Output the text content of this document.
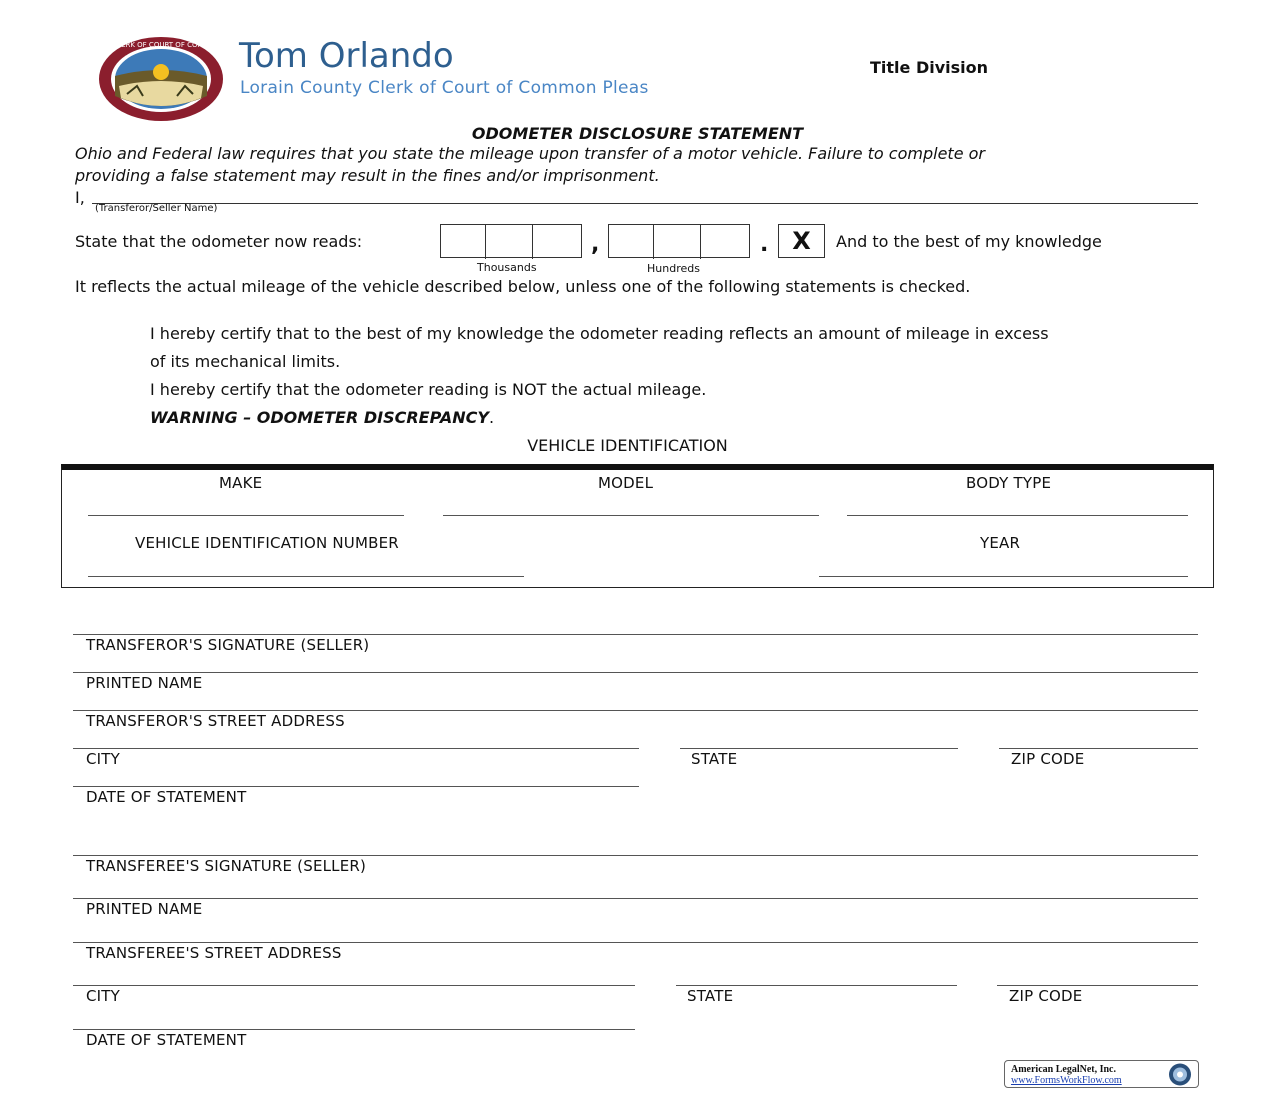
LORAIN COUNTY CLERK OF COURT OF COMMON PLEAS · OHIO
Tom Orlando
Lorain County Clerk of Court of Common Pleas
Title Division
ODOMETER DISCLOSURE STATEMENT
Ohio and Federal law requires that you state the mileage upon transfer of a motor vehicle. Failure to complete or
providing a false statement may result in the fines and/or imprisonment.
I,
(Transferor/Seller Name)
State that the odometer now reads:	,	. X	And to the best of my knowledge
Thousands	Hundreds
It reflects the actual mileage of the vehicle described below, unless one of the following statements is checked.
I hereby certify that to the best of my knowledge the odometer reading reflects an amount of mileage in excess
of its mechanical limits.
I hereby certify that the odometer reading is NOT the actual mileage.
WARNING – ODOMETER DISCREPANCY.
VEHICLE IDENTIFICATION
MAKE	MODEL	BODY TYPE
VEHICLE IDENTIFICATION NUMBER	YEAR
TRANSFEROR'S SIGNATURE (SELLER)
PRINTED NAME
TRANSFEROR'S STREET ADDRESS
CITY	STATE	ZIP CODE
DATE OF STATEMENT
TRANSFEREE'S SIGNATURE (SELLER)
PRINTED NAME
TRANSFEREE'S STREET ADDRESS
CITY	STATE	ZIP CODE
DATE OF STATEMENT
American LegalNet, Inc.
www.FormsWorkFlow.com
